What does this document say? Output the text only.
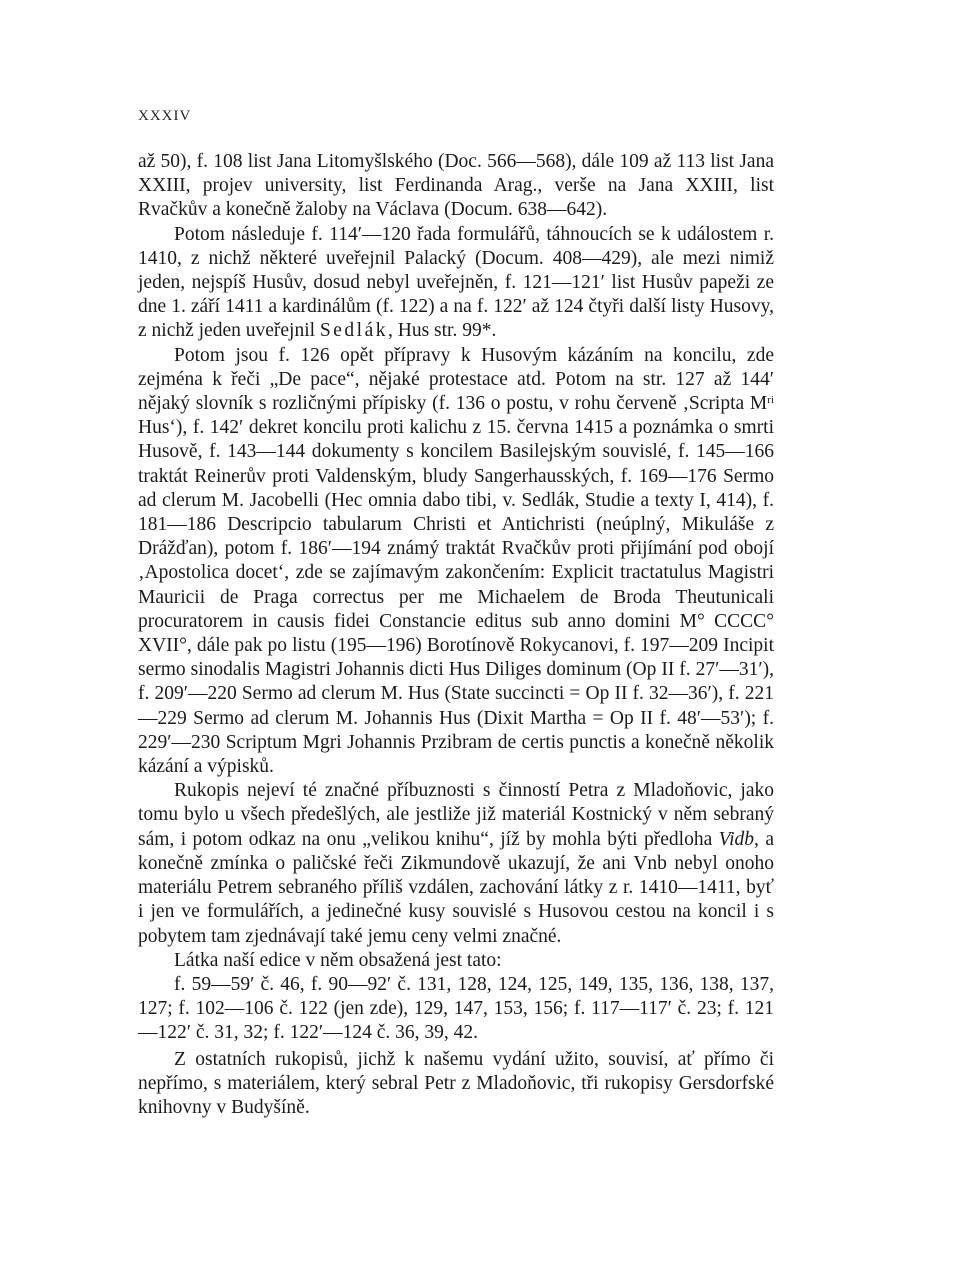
XXXIV

až 50), f. 108 list Jana Litomyšlského (Doc. 566—568), dále 109 až 113 list Jana XXIII, projev university, list Ferdinanda Arag., verše na Jana XXIII, list Rvačkův a konečně žaloby na Václava (Docum. 638—642).

Potom následuje f. 114′—120 řada formulářů, táhnoucích se k událostem r. 1410, z nichž některé uveřejnil Palacký (Docum. 408—429), ale mezi nimiž jeden, nejspíš Husův, dosud nebyl uveřejněn, f. 121—121′ list Husův papeži ze dne 1. září 1411 a kardinálům (f. 122) a na f. 122′ až 124 čtyři další listy Husovy, z nichž jeden uveřejnil Sedlák, Hus str. 99*.

Potom jsou f. 126 opět přípravy k Husovým kázáním na koncilu, zde zejména k řeči „De pace“, nějaké protestace atd. Potom na str. 127 až 144′ nějaký slovník s rozličnými přípisky (f. 136 o postu, v rohu červeně ‚Scripta $M^{ri}$ Hus‘), f. 142′ dekret koncilu proti kalichu z 15. června 1415 a poznámka o smrti Husově, f. 143—144 dokumenty s koncilem Basilejským souvislé, f. 145—166 traktát Reinerův proti Valdenským, bludy Sangerhausských, f. 169—176 Sermo ad clerum M. Jacobelli (Hec omnia dabo tibi, v. Sedlák, Studie a texty I, 414), f. 181—186 Descripcio tabularum Christi et Antichristi (neúplný, Mikuláše z Drážďan), potom f. 186′—194 známý traktát Rvačkův proti přijímání pod obojí ‚Apostolica docet‘, zde se zajímavým zakončením: Explicit tractatulus Magistri Mauricii de Praga correctus per me Michaelem de Broda Theutunicali procuratorem in causis fidei Constancie editus sub anno domini M° CCCC° XVII°, dále pak po listu (195—196) Borotínově Rokycanovi, f. 197—209 Incipit sermo sinodalis Magistri Johannis dicti Hus Diliges dominum (Op II f. 27′—31′), f. 209′—220 Sermo ad clerum M. Hus (State succincti = Op II f. 32—36′), f. 221—229 Sermo ad clerum M. Johannis Hus (Dixit Martha = Op II f. 48′—53′); f. 229′—230 Scriptum Mgri Johannis Przibram de certis punctis a konečně několik kázání a výpisků.

Rukopis nejeví té značné příbuznosti s činností Petra z Mladoňovic, jako tomu bylo u všech předešlých, ale jestliže již materiál Kostnický v něm sebraný sám, i potom odkaz na onu „velikou knihu“, jíž by mohla býti předloha Vidb, a konečně zmínka o paličské řeči Zikmundově ukazují, že ani Vnb nebyl onoho materiálu Petrem sebraného příliš vzdálen, zachování látky z r. 1410—1411, byť i jen ve formulářích, a jedinečné kusy souvislé s Husovou cestou na koncil i s pobytem tam zjednávají také jemu ceny velmi značné.

Látka naší edice v něm obsažená jest tato:

f. 59—59′ č. 46, f. 90—92′ č. 131, 128, 124, 125, 149, 135, 136, 138, 137, 127; f. 102—106 č. 122 (jen zde), 129, 147, 153, 156; f. 117—117′ č. 23; f. 121—122′ č. 31, 32; f. 122′—124 č. 36, 39, 42.

Z ostatních rukopisů, jichž k našemu vydání užito, souvisí, ať přímo či nepřímo, s materiálem, který sebral Petr z Mladoňovic, tři rukopisy Gersdorfské knihovny v Budyšíně.
